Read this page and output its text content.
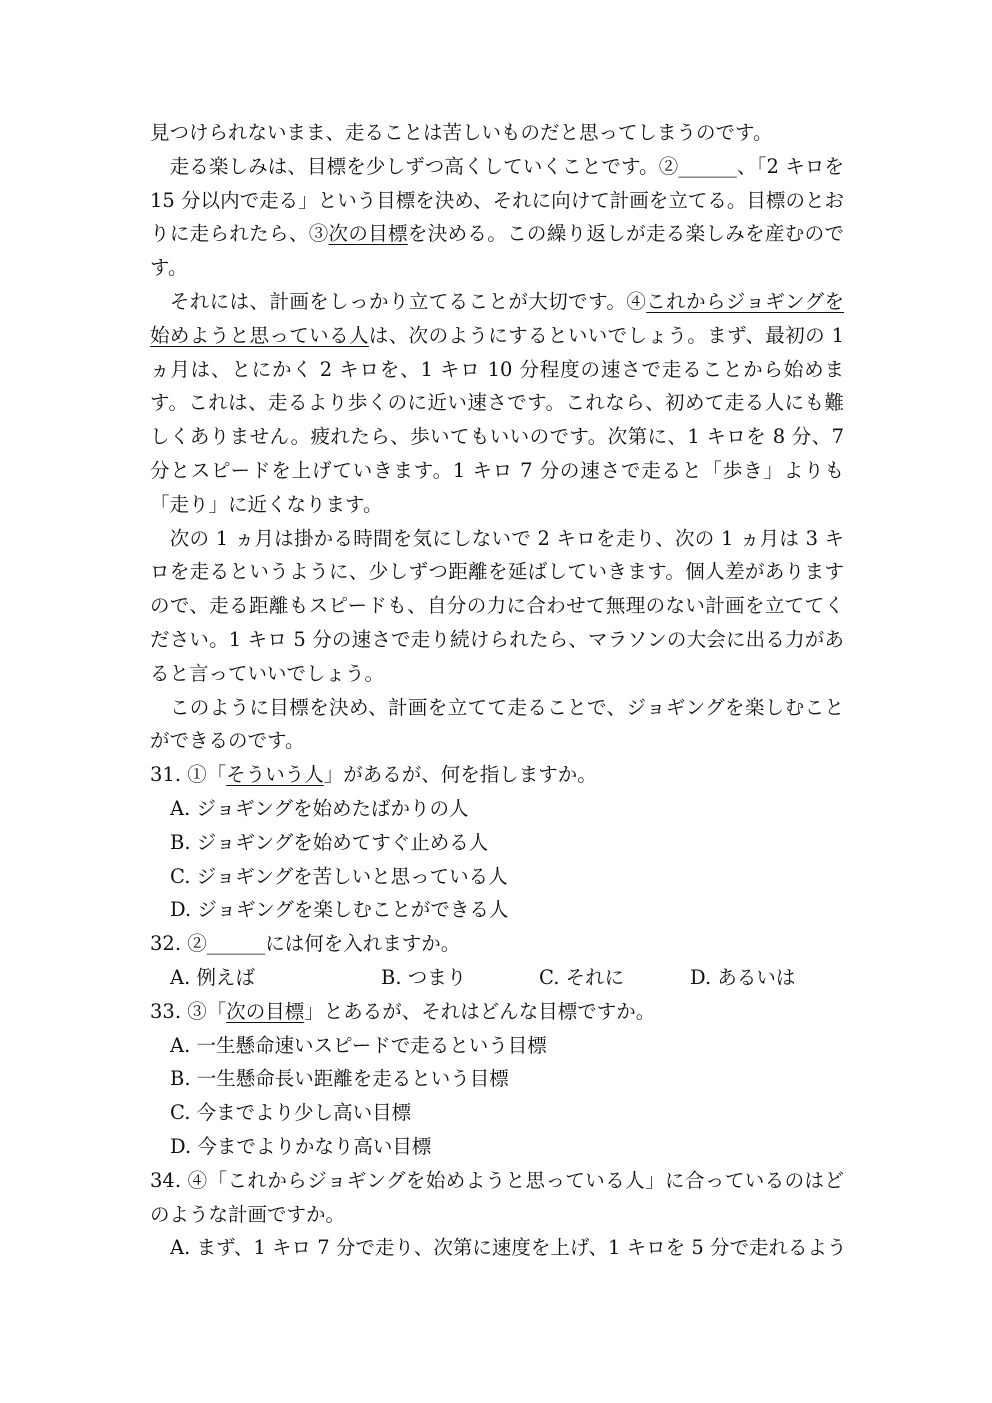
見つけられないまま、走ることは苦しいものだと思ってしまうのです。

　走る楽しみは、目標を少しずつ高くしていくことです。②______、「2 キロを 15 分以内で走る」という目標を決め、それに向けて計画を立てる。目標のとおりに走られたら、③次の目標を決める。この繰り返しが走る楽しみを産むのです。

　それには、計画をしっかり立てることが大切です。④これからジョギングを始めようと思っている人は、次のようにするといいでしょう。まず、最初の 1 ヵ月は、とにかく 2 キロを、1 キロ 10 分程度の速さで走ることから始めます。これは、走るより歩くのに近い速さです。これなら、初めて走る人にも難しくありません。疲れたら、歩いてもいいのです。次第に、1 キロを 8 分、7 分とスピードを上げていきます。1 キロ 7 分の速さで走ると「歩き」よりも「走り」に近くなります。

　次の 1 ヵ月は掛かる時間を気にしないで 2 キロを走り、次の 1 ヵ月は 3 キロを走るというように、少しずつ距離を延ばしていきます。個人差がありますので、走る距離もスピードも、自分の力に合わせて無理のない計画を立ててください。1 キロ 5 分の速さで走り続けられたら、マラソンの大会に出る力があると言っていいでしょう。

　このように目標を決め、計画を立てて走ることで、ジョギングを楽しむことができるのです。

31. ①「そういう人」があるが、何を指しますか。

A. ジョギングを始めたばかりの人

B. ジョギングを始めてすぐ止める人

C. ジョギングを苦しいと思っている人

D. ジョギングを楽しむことができる人

32. ②______には何を入れますか。

A. 例えば	B. つまり	C. それに	D. あるいは

33. ③「次の目標」とあるが、それはどんな目標ですか。

A. 一生懸命速いスピードで走るという目標

B. 一生懸命長い距離を走るという目標

C. 今までより少し高い目標

D. 今までよりかなり高い目標

34. ④「これからジョギングを始めようと思っている人」に合っているのはどのような計画ですか。

A. まず、1 キロ 7 分で走り、次第に速度を上げ、1 キロを 5 分で走れるよう
